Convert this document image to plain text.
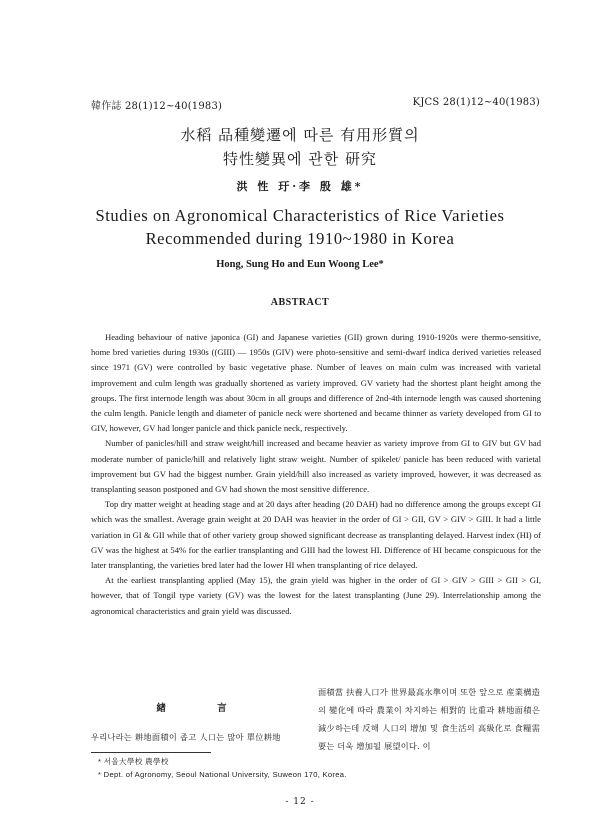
韓作誌 28(1)12~40(1983)	KJCS 28(1)12~40(1983)
水稻 品種變遷에 따른 有用形質의
特性變異에 관한 研究
洪 性 玗·李 殷 雄*
Studies on Agronomical Characteristics of Rice Varieties
Recommended during 1910~1980 in Korea
Hong, Sung Ho and Eun Woong Lee*
ABSTRACT

Heading behaviour of native japonica (GI) and Japanese varieties (GII) grown during 1910-1920s were thermo-sensitive, home bred varieties during 1930s ((GIII) — 1950s (GIV) were photo-sensitive and semi-dwarf indica derived varieties released since 1971 (GV) were controlled by basic vegetative phase. Number of leaves on main culm was increased with varietal improvement and culm length was gradually shortened as variety improved. GV variety had the shortest plant height among the groups. The first internode length was about 30cm in all groups and difference of 2nd-4th internode length was caused shortening the culm length. Panicle length and diameter of panicle neck were shortened and became thinner as variety developed from GI to GIV, however, GV had longer panicle and thick panicle neck, respectively.

Number of panicles/hill and straw weight/hill increased and became heavier as variety improve from GI to GIV but GV had moderate number of panicle/hill and relatively light straw weight. Number of spikelet/ panicle has been reduced with varietal improvement but GV had the biggest number. Grain yield/hill also increased as variety improved, however, it was decreased as transplanting season postponed and GV had shown the most sensitive difference.

Top dry matter weight at heading stage and at 20 days after heading (20 DAH) had no difference among the groups except GI which was the smallest. Average grain weight at 20 DAH was heavier in the order of GI > GII, GV > GIV > GIII. It had a little variation in GI & GII while that of other variety group showed significant decrease as transplanting delayed. Harvest index (HI) of GV was the highest at 54% for the earlier transplanting and GIII had the lowest HI. Difference of HI became conspicuous for the later transplanting, the varieties bred later had the lower HI when transplanting of rice delayed.

At the earliest transplanting applied (May 15), the grain yield was higher in the order of GI > GIV > GIII > GII > GI, however, that of Tongil type variety (GV) was the lowest for the latest transplanting (June 29). Interrelationship among the agronomical characteristics and grain yield was discussed.

緖 言
우리나라는 耕地面積이 좁고 人口는 많아 單位耕地
面積當 扶養人口가 世界最高水準이며 또한 앞으로 産業構造의 變化에 따라 農業이 차지하는 相對的 比重과 耕地面積은 減少하는데 反해 人口의 增加 및 食生活의 高級化로 食糧需要는 더욱 增加될 展望이다. 이
* 서울大學校 農學校
* Dept. of Agronomy, Seoul National University, Suweon 170, Korea.
- 12 -
